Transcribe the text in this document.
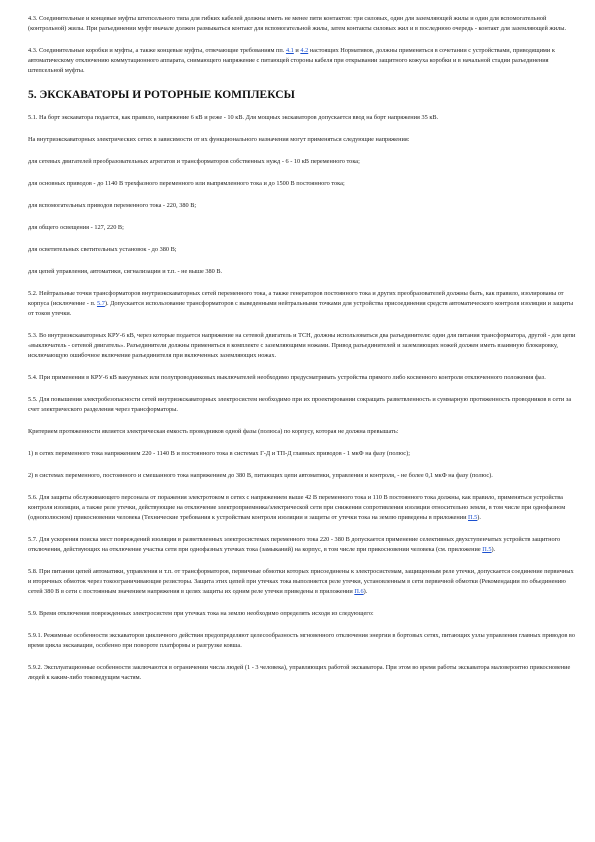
4.3. Соединительные и концевые муфты штепсельного типа для гибких кабелей должны иметь не менее пяти контактов: три силовых, один для заземляющей жилы и один для вспомогательной (контрольной) жилы. При разъединении муфт вначале должен размыкаться контакт для вспомогательной жилы, затем контакты силовых жил и в последнюю очередь - контакт для заземляющей жилы.

4.3. Соединительные коробки и муфты, а также концевые муфты, отвечающие требованиям пп. 4.1 и 4.2 настоящих Нормативов, должны применяться в сочетании с устройствами, приводящими к автоматическому отключению коммутационного аппарата, снимающего напряжение с питающей стороны кабеля при открывании защитного кожуха коробки и в начальной стадии разъединения штепсельной муфты.

5. ЭКСКАВАТОРЫ И РОТОРНЫЕ КОМПЛЕКСЫ

5.1. На борт экскаватора подается, как правило, напряжение 6 кВ и реже - 10 кВ. Для мощных экскаваторов допускается ввод на борт напряжения 35 кВ.

На внутриэкскаваторных электрических сетях в зависимости от их функционального назначения могут применяться следующие напряжения:

для сетевых двигателей преобразовательных агрегатов и трансформаторов собственных нужд - 6 - 10 кВ переменного тока;

для основных приводов - до 1140 В трехфазного переменного или выпрямленного тока и до 1500 В постоянного тока;

для вспомогательных приводов переменного тока - 220, 380 В;

для общего освещения - 127, 220 В;

для осветительных светительных установок - до 380 В;

для цепей управления, автоматики, сигнализации и т.п. - не выше 380 В.

5.2. Нейтральные точки трансформаторов внутриэкскаваторных сетей переменного тока, а также генераторов постоянного тока и других преобразователей должны быть, как правило, изолированы от корпуса (исключение - п. 5.7). Допускается использование трансформаторов с выведенными нейтральными точками для устройства присоединения средств автоматического контроля изоляции и защиты от токов утечки.

5.3. Во внутриэкскаваторных КРУ-6 кВ, через которые подается напряжение на сетевой двигатель и ТСН, должны использоваться два разъединителя: один для питания трансформатора, другой - для цепи «выключатель - сетевой двигатель». Разъединители должны применяться в комплекте с заземляющими ножами. Привод разъединителей и заземляющих ножей должен иметь взаимную блокировку, исключающую ошибочное включение разъединителя при включенных заземляющих ножах.

5.4. При применении в КРУ-6 кВ вакуумных или полупроводниковых выключателей необходимо предусматривать устройства прямого либо косвенного контроля отключенного положения фаз.

5.5. Для повышения электробезопасности сетей внутриэкскаваторных электросистем необходимо при их проектировании сокращать разветвленность и суммарную протяженность проводников в сети за счет электрического разделения через трансформаторы.

Критерием протяженности является электрическая емкость проводников одной фазы (полюса) по корпусу, которая не должна превышать:

1) в сетях переменного тока напряжением 220 - 1140 В и постоянного тока в системах Г-Д и ТП-Д главных приводов - 1 мкФ на фазу (полюс);

2) в системах переменного, постоянного и смешанного тока напряжением до 380 В, питающих цепи автоматики, управления и контроля, - не более 0,1 мкФ на фазу (полюс).

5.6. Для защиты обслуживающего персонала от поражения электротоком в сетях с напряжением выше 42 В переменного тока и 110 В постоянного тока должны, как правило, применяться устройства контроля изоляции, а также реле утечки, действующие на отключение электроприемника/электрической сети при снижении сопротивления изоляции относительно земли, в том числе при однофазном (однополюсном) прикосновении человека (Технические требования к устройствам контроля изоляции и защиты от утечки тока на землю приведены в приложении П.5).

5.7. Для ускорения поиска мест повреждений изоляции в разветвленных электросистемах переменного тока 220 - 380 В допускается применение селективных двухступенчатых устройств защитного отключения, действующих на отключение участка сети при однофазных утечках тока (замыканий) на корпус, в том числе при прикосновении человека (см. приложение П.5).

5.8. При питании цепей автоматики, управления и т.п. от трансформаторов, первичные обмотки которых присоединены к электросистемам, защищенным реле утечки, допускается соединение первичных и вторичных обмоток через токоограничивающие резисторы. Защита этих цепей при утечках тока выполняется реле утечки, установленным в сети первичной обмотки (Рекомендации по объединению сетей 380 В в сети с постоянным значением напряжения в целях защиты их одним реле утечки приведены в приложении П.6).

5.9. Время отключения поврежденных электросистем при утечках тока на землю необходимо определять исходя из следующего:

5.9.1. Режимные особенности экскаваторов цикличного действия предопределяют целесообразность мгновенного отключения энергии в бортовых сетях, питающих узлы управления главных приводов во время цикла экскавации, особенно при повороте платформы и разгрузке ковша.

5.9.2. Эксплуатационные особенности заключаются в ограничении числа людей (1 - 3 человека), управляющих работой экскаватора. При этом во время работы экскаватора маловероятно прикосновение людей к каким-либо токоведущим частям.
